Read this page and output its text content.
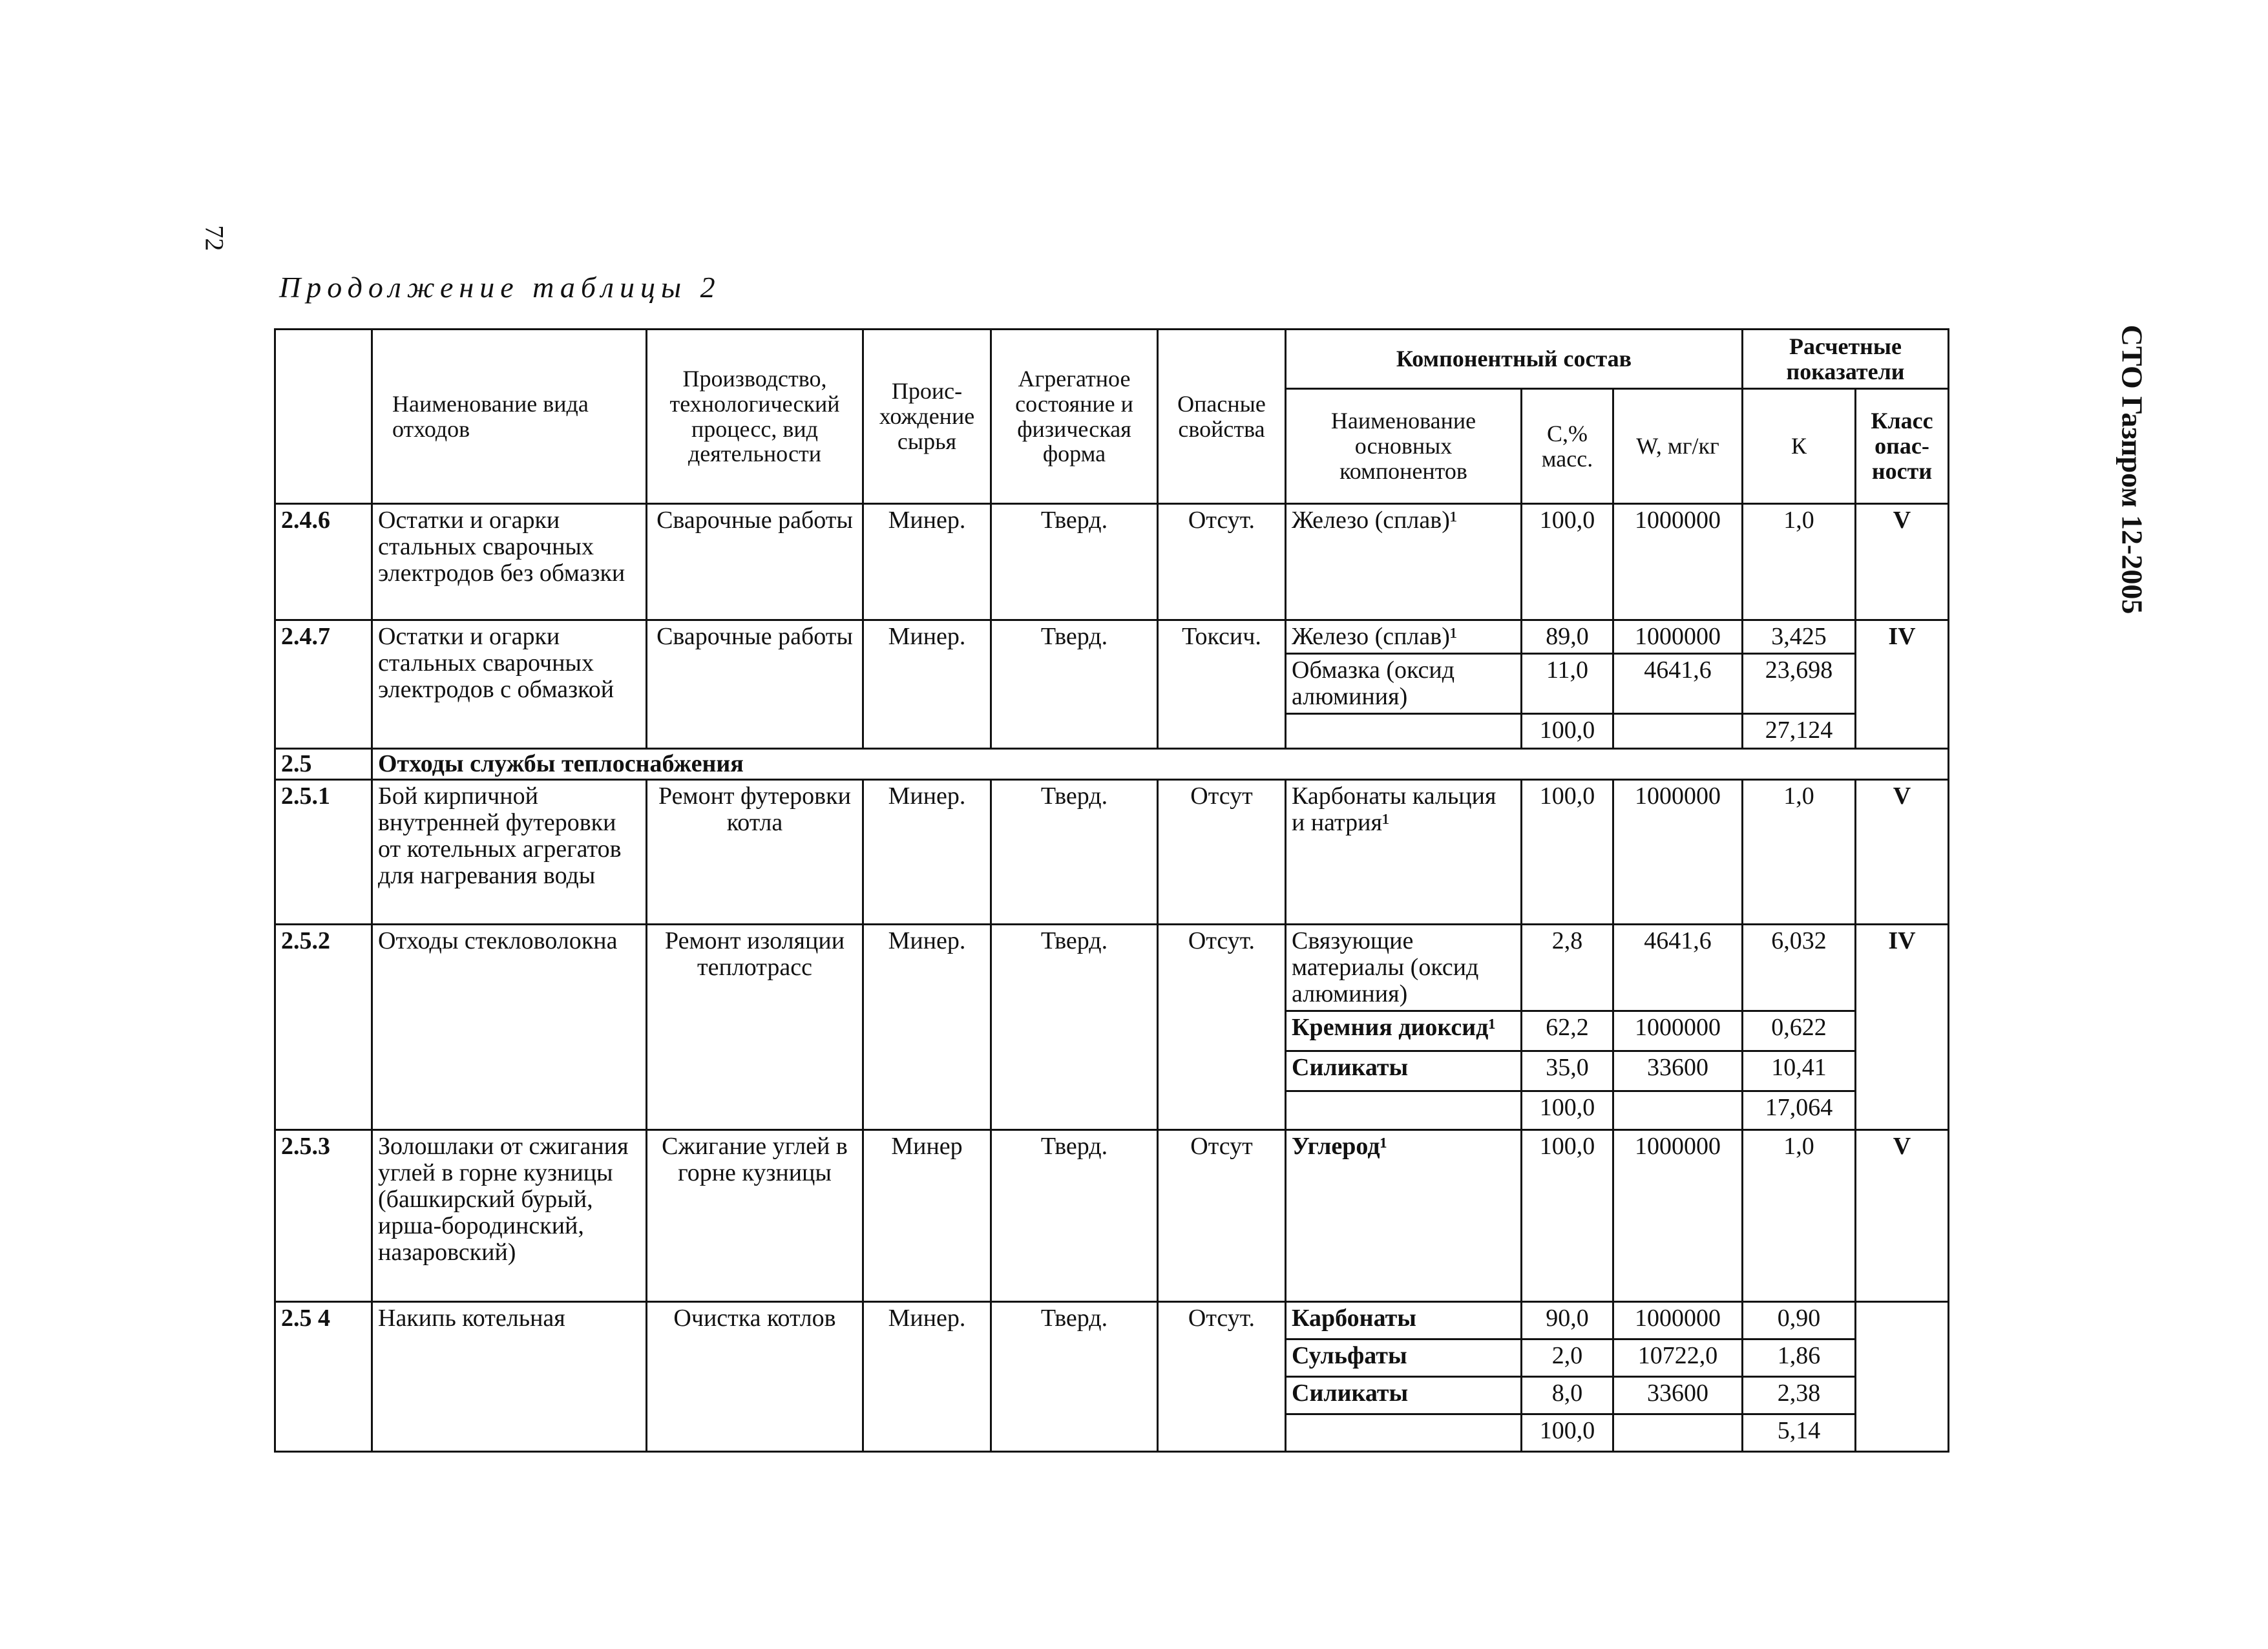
72
СТО Газпром 12-2005
Продолжение таблицы 2
	Наименование вида отходов	Производство, технологический процесс, вид деятельности	Проис-хождение сырья	Агрегатное состояние и физическая форма	Опасные свойства	Компонентный состав			Расчетные показатели	
						Наименование основных компонентов	С,% масс.	W, мг/кг	К	Класс опас-ности
2.4.6	Остатки и огарки стальных сварочных электродов без обмазки	Сварочные работы	Минер.	Тверд.	Отсут.	Железо (сплав)¹	100,0	1000000	1,0	V
2.4.7	Остатки и огарки стальных сварочных электродов с обмазкой	Сварочные работы	Минер.	Тверд.	Токсич.	Железо (сплав)¹	89,0	1000000	3,425	IV
						Обмазка (оксид алюминия)	11,0	4641,6	23,698	
							100,0		27,124	
2.5	Отходы службы теплоснабжения									
2.5.1	Бой кирпичной внутренней футеровки от котельных агрегатов для нагревания воды	Ремонт футеровки котла	Минер.	Тверд.	Отсут	Карбонаты кальция и натрия¹	100,0	1000000	1,0	V
2.5.2	Отходы стекловолокна	Ремонт изоляции теплотрасс	Минер.	Тверд.	Отсут.	Связующие материалы (оксид алюминия)	2,8	4641,6	6,032	IV
						Кремния диоксид¹	62,2	1000000	0,622	
						Силикаты	35,0	33600	10,41	
							100,0		17,064	
2.5.3	Золошлаки от сжигания углей в горне кузницы (башкирский бурый, ирша-бородинский, назаровский)	Сжигание углей в горне кузницы	Минер	Тверд.	Отсут	Углерод¹	100,0	1000000	1,0	V
2.5 4	Накипь котельная	Очистка котлов	Минер.	Тверд.	Отсут.	Карбонаты	90,0	1000000	0,90	
						Сульфаты	2,0	10722,0	1,86	
						Силикаты	8,0	33600	2,38	
							100,0		5,14	
